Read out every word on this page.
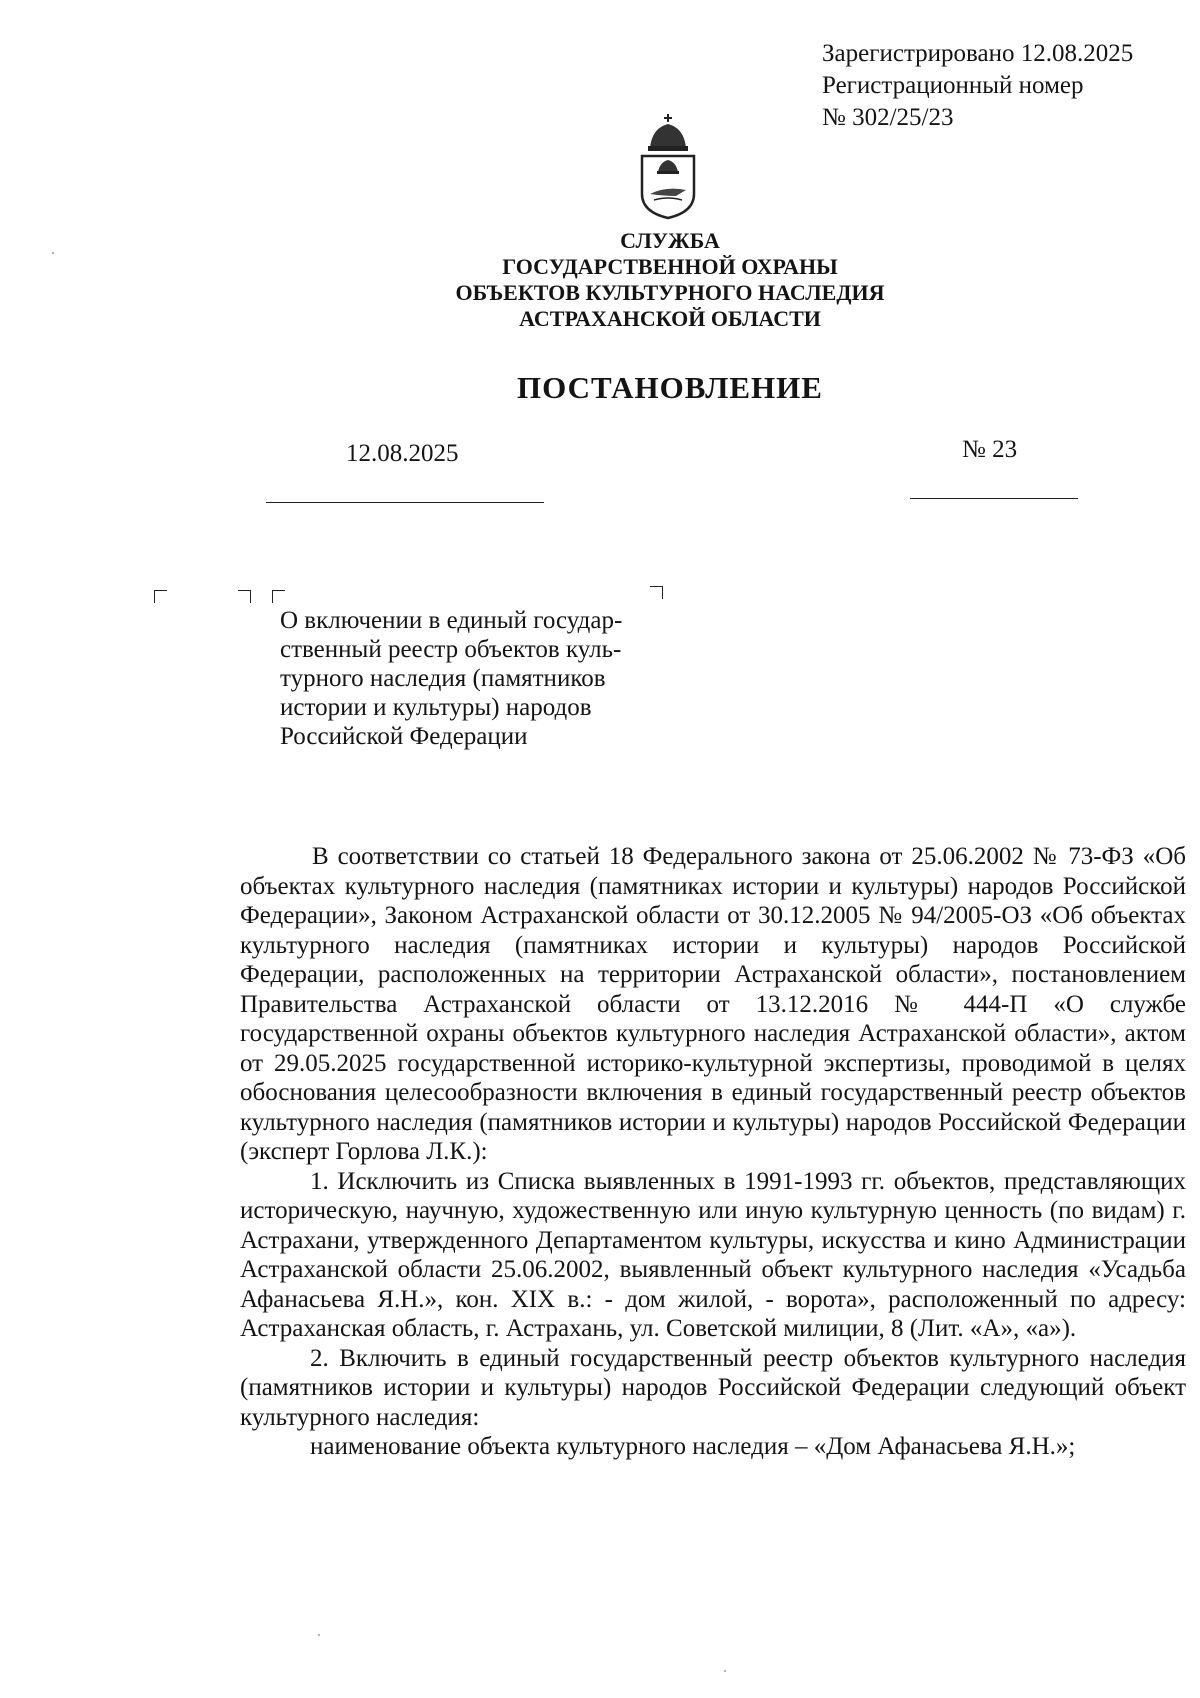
Зарегистрировано 12.08.2025
Регистрационный номер
№ 302/25/23
СЛУЖБА
ГОСУДАРСТВЕННОЙ ОХРАНЫ
ОБЪЕКТОВ КУЛЬТУРНОГО НАСЛЕДИЯ
АСТРАХАНСКОЙ ОБЛАСТИ
ПОСТАНОВЛЕНИЕ
12.08.2025	№ 23
О включении в единый государ-
ственный реестр объектов куль-
турного наследия (памятников
истории и культуры) народов
Российской Федерации

В соответствии со статьей 18 Федерального закона от 25.06.2002 № 73-ФЗ «Об объектах культурного наследия (памятниках истории и культуры) народов Российской Федерации», Законом Астраханской области от 30.12.2005 № 94/2005-ОЗ «Об объектах культурного наследия (памятниках истории и культуры) народов Российской Федерации, расположенных на территории Астраханской области», постановлением Правительства Астраханской области от 13.12.2016 № 444-П «О службе государственной охраны объектов культурного наследия Астраханской области», актом от 29.05.2025 государственной историко-культурной экспертизы, проводимой в целях обоснования целесообразности включения в единый государственный реестр объектов культурного наследия (памятников истории и культуры) народов Российской Федерации (эксперт Горлова Л.К.):

1. Исключить из Списка выявленных в 1991-1993 гг. объектов, представляющих историческую, научную, художественную или иную культурную ценность (по видам) г. Астрахани, утвержденного Департаментом культуры, искусства и кино Администрации Астраханской области 25.06.2002, выявленный объект культурного наследия «Усадьба Афанасьева Я.Н.», кон. XIX в.: - дом жилой, - ворота», расположенный по адресу: Астраханская область, г. Астрахань, ул. Советской милиции, 8 (Лит. «А», «а»).

2. Включить в единый государственный реестр объектов культурного наследия (памятников истории и культуры) народов Российской Федерации следующий объект культурного наследия:

наименование объекта культурного наследия – «Дом Афанасьева Я.Н.»;
